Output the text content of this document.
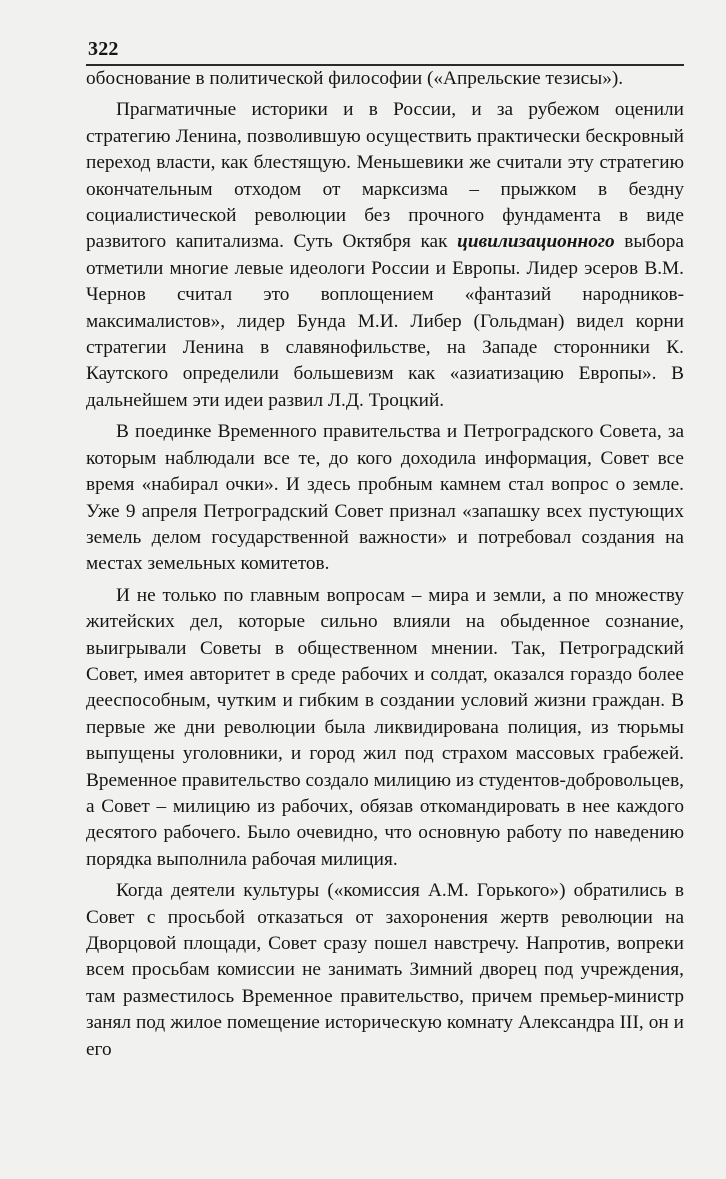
322

обоснование в политической философии («Апрельские тезисы»).

Прагматичные историки и в России, и за рубежом оценили стратегию Ленина, позволившую осуществить практически бескровный переход власти, как блестящую. Меньшевики же считали эту стратегию окончательным отходом от марксизма – прыжком в бездну социалистической революции без прочного фундамента в виде развитого капитализма. Суть Октября как цивилизационного выбора отметили многие левые идеологи России и Европы. Лидер эсеров В.М. Чернов считал это воплощением «фантазий народников-максималистов», лидер Бунда М.И. Либер (Гольдман) видел корни стратегии Ленина в славянофильстве, на Западе сторонники К. Каутского определили большевизм как «азиатизацию Европы». В дальнейшем эти идеи развил Л.Д. Троцкий.

В поединке Временного правительства и Петроградского Совета, за которым наблюдали все те, до кого доходила информация, Совет все время «набирал очки». И здесь пробным камнем стал вопрос о земле. Уже 9 апреля Петроградский Совет признал «запашку всех пустующих земель делом государственной важности» и потребовал создания на местах земельных комитетов.

И не только по главным вопросам – мира и земли, а по множеству житейских дел, которые сильно влияли на обыденное сознание, выигрывали Советы в общественном мнении. Так, Петроградский Совет, имея авторитет в среде рабочих и солдат, оказался гораздо более дееспособным, чутким и гибким в создании условий жизни граждан. В первые же дни революции была ликвидирована полиция, из тюрьмы выпущены уголовники, и город жил под страхом массовых грабежей. Временное правительство создало милицию из студентов-добровольцев, а Совет – милицию из рабочих, обязав откомандировать в нее каждого десятого рабочего. Было очевидно, что основную работу по наведению порядка выполнила рабочая милиция.

Когда деятели культуры («комиссия А.М. Горького») обратились в Совет с просьбой отказаться от захоронения жертв революции на Дворцовой площади, Совет сразу пошел навстречу. Напротив, вопреки всем просьбам комиссии не занимать Зимний дворец под учреждения, там разместилось Временное правительство, причем премьер-министр занял под жилое помещение историческую комнату Александра III, он и его
